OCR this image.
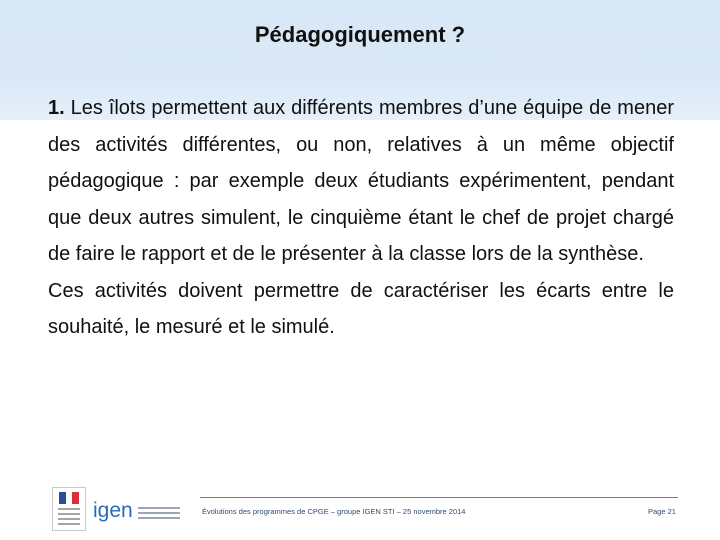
Pédagogiquement ?

1. Les îlots permettent aux différents membres d’une équipe de mener des activités différentes, ou non, relatives à un même objectif pédagogique : par exemple deux étudiants expérimentent, pendant que deux autres simulent, le cinquième étant le chef de projet chargé de faire le rapport et de le présenter à la classe lors de la synthèse.

Ces activités doivent permettre de caractériser les écarts entre le souhaité, le mesuré et le simulé.

igen	Évolutions des programmes de CPGE – groupe IGEN STI – 25 novembre 2014	Page 21
